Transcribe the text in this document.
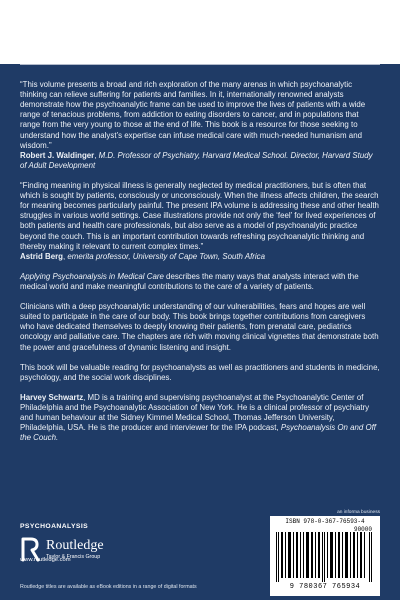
IPA IN THE COMMUNITY

“This volume presents a broad and rich exploration of the many arenas in which psychoanalytic thinking can relieve suffering for patients and families. In it, internationally renowned analysts demonstrate how the psychoanalytic frame can be used to improve the lives of patients with a wide range of tenacious problems, from addiction to eating disorders to cancer, and in populations that range from the very young to those at the end of life. This book is a resource for those seeking to understand how the analyst’s expertise can infuse medical care with much-needed humanism and wisdom.”

Robert J. Waldinger, M.D. Professor of Psychiatry, Harvard Medical School. Director, Harvard Study of Adult Development

“Finding meaning in physical illness is generally neglected by medical practitioners, but is often that which is sought by patients, consciously or unconsciously. When the illness affects children, the search for meaning becomes particularly painful. The present IPA volume is addressing these and other health struggles in various world settings. Case illustrations provide not only the ‘feel’ for lived experiences of both patients and health care professionals, but also serve as a model of psychoanalytic practice beyond the couch. This is an important contribution towards refreshing psychoanalytic thinking and thereby making it relevant to current complex times.”

Astrid Berg, emerita professor, University of Cape Town, South Africa

Applying Psychoanalysis in Medical Care describes the many ways that analysts interact with the medical world and make meaningful contributions to the care of a variety of patients.

Clinicians with a deep psychoanalytic understanding of our vulnerabilities, fears and hopes are well suited to participate in the care of our body. This book brings together contributions from caregivers who have dedicated themselves to deeply knowing their patients, from prenatal care, pediatrics oncology and palliative care. The chapters are rich with moving clinical vignettes that demonstrate both the power and gracefulness of dynamic listening and insight.

This book will be valuable reading for psychoanalysts as well as practitioners and students in medicine, psychology, and the social work disciplines.

Harvey Schwartz, MD is a training and supervising psychoanalyst at the Psychoanalytic Center of Philadelphia and the Psychoanalytic Association of New York. He is a clinical professor of psychiatry and human behaviour at the Sidney Kimmel Medical School, Thomas Jefferson University, Philadelphia, USA. He is the producer and interviewer for the IPA podcast, Psychoanalysis On and Off the Couch.

PSYCHOANALYSIS
Routledge
Taylor & Francis Group
www.routledge.com
Routledge titles are available as eBook editions in a range of digital formats
an informa business
ISBN 978-0-367-76593-4
9 780367 765934
90000
